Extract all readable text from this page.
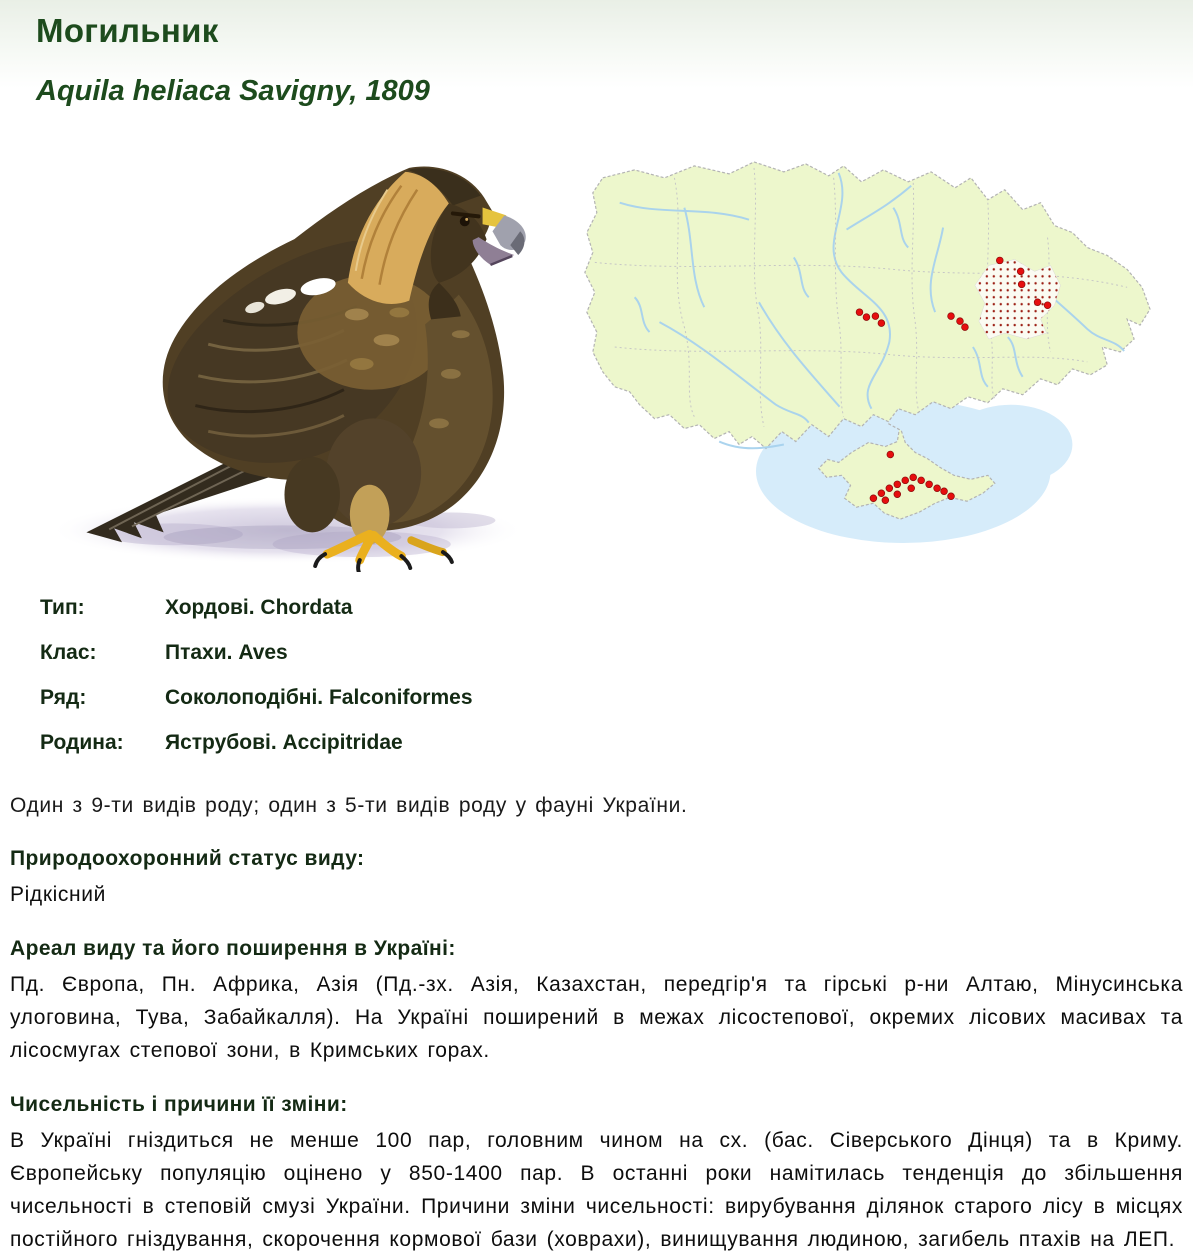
Могильник
Aquila heliaca Savigny, 1809
Тип:	Хордові. Chordata
Клас:	Птахи. Aves
Ряд:	Соколоподібні. Falconiformes
Родина:	Яструбові. Accipitridae

Один з 9-ти видів роду; один з 5-ти видів роду у фауні України.

Природоохоронний статус виду:

Рідкісний

Ареал виду та його поширення в Україні:

Пд. Європа, Пн. Африка, Азія (Пд.-зх. Азія, Казахстан, передгір'я та гірські р-ни Алтаю, Мінусинська улоговина, Тува, Забайкалля). На Україні поширений в межах лісостепової, окремих лісових масивах та лісосмугах степової зони, в Кримських горах.

Чисельність і причини її зміни:

В Україні гніздиться не менше 100 пар, головним чином на сх. (бас. Сіверського Дінця) та в Криму. Європейську популяцію оцінено у 850-1400 пар. В останні роки намітилась тенденція до збільшення чисельності в степовій смузі України. Причини зміни чисельності: вирубування ділянок старого лісу в місцях постійного гніздування, скорочення кормової бази (ховрахи), винищування людиною, загибель птахів на ЛЕП.
